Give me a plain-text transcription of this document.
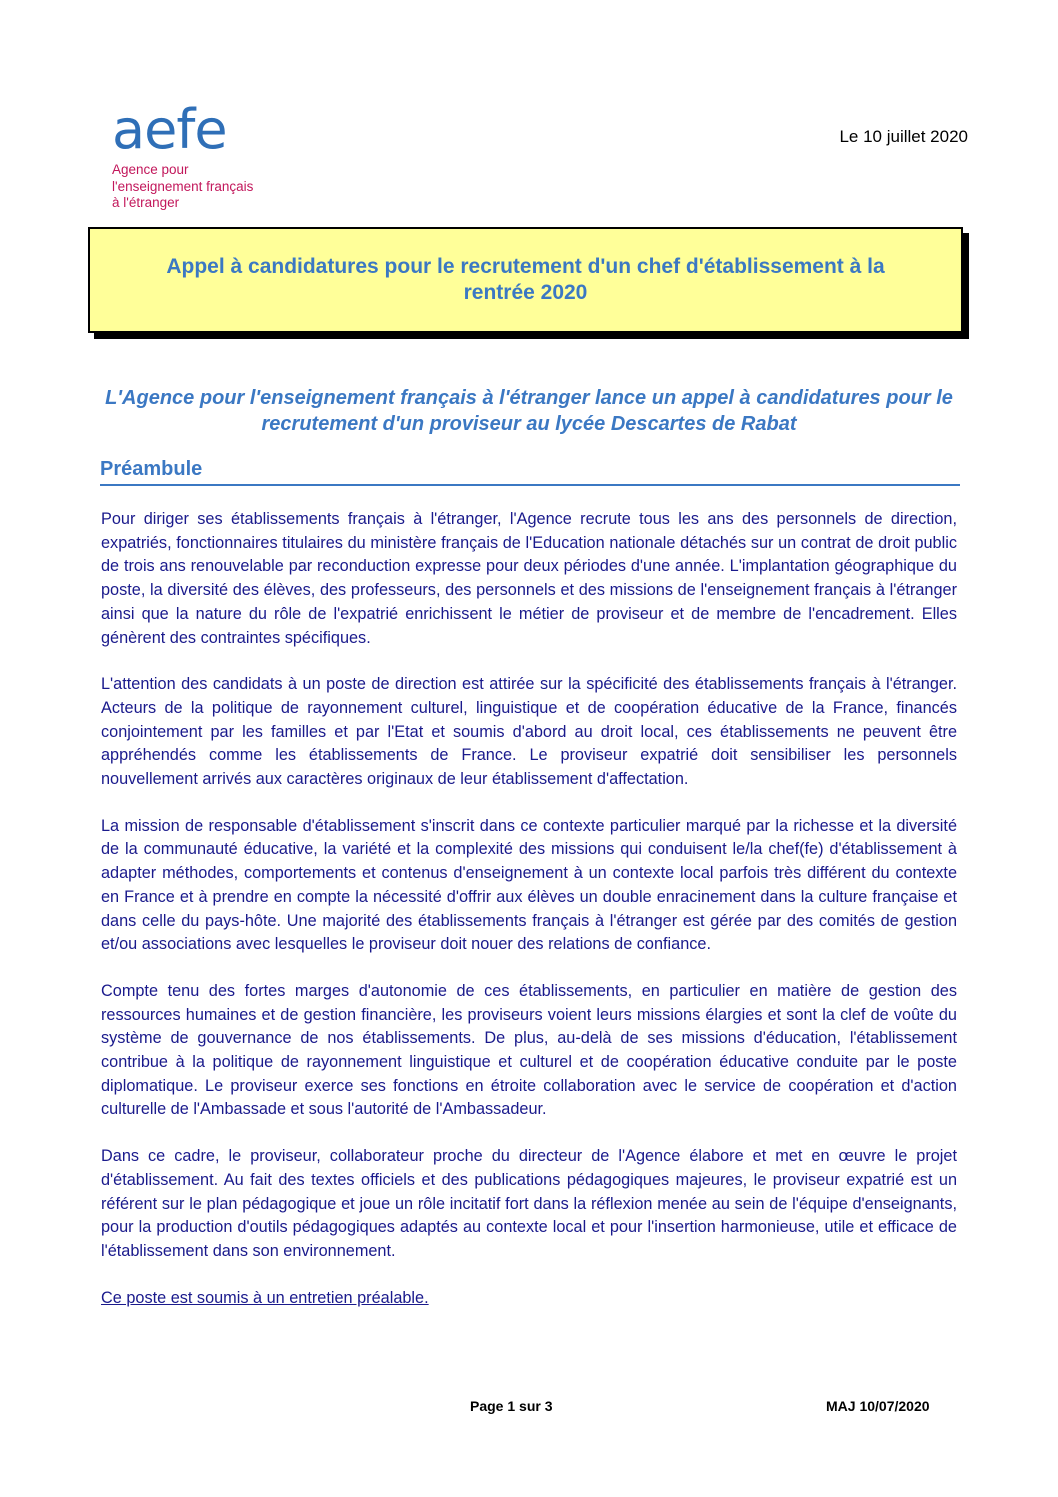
aefe
Agence pour
l'enseignement français
à l'étranger
Le 10 juillet 2020
Appel à candidatures pour le recrutement d'un chef d'établissement à la rentrée 2020
L'Agence pour l'enseignement français à l'étranger lance un appel à candidatures pour le recrutement d'un proviseur au lycée Descartes de Rabat
Préambule

Pour diriger ses établissements français à l'étranger, l'Agence recrute tous les ans des personnels de direction, expatriés, fonctionnaires titulaires du ministère français de l'Education nationale détachés sur un contrat de droit public de trois ans renouvelable par reconduction expresse pour deux périodes d'une année. L'implantation géographique du poste, la diversité des élèves, des professeurs, des personnels et des missions de l'enseignement français à l'étranger ainsi que la nature du rôle de l'expatrié enrichissent le métier de proviseur et de membre de l'encadrement. Elles génèrent des contraintes spécifiques.

L'attention des candidats à un poste de direction est attirée sur la spécificité des établissements français à l'étranger. Acteurs de la politique de rayonnement culturel, linguistique et de coopération éducative de la France, financés conjointement par les familles et par l'Etat et soumis d'abord au droit local, ces établissements ne peuvent être appréhendés comme les établissements de France. Le proviseur expatrié doit sensibiliser les personnels nouvellement arrivés aux caractères originaux de leur établissement d'affectation.

La mission de responsable d'établissement s'inscrit dans ce contexte particulier marqué par la richesse et la diversité de la communauté éducative, la variété et la complexité des missions qui conduisent le/la chef(fe) d'établissement à adapter méthodes, comportements et contenus d'enseignement à un contexte local parfois très différent du contexte en France et à prendre en compte la nécessité d'offrir aux élèves un double enracinement dans la culture française et dans celle du pays-hôte. Une majorité des établissements français à l'étranger est gérée par des comités de gestion et/ou associations avec lesquelles le proviseur doit nouer des relations de confiance.

Compte tenu des fortes marges d'autonomie de ces établissements, en particulier en matière de gestion des ressources humaines et de gestion financière, les proviseurs voient leurs missions élargies et sont la clef de voûte du système de gouvernance de nos établissements. De plus, au-delà de ses missions d'éducation, l'établissement contribue à la politique de rayonnement linguistique et culturel et de coopération éducative conduite par le poste diplomatique. Le proviseur exerce ses fonctions en étroite collaboration avec le service de coopération et d'action culturelle de l'Ambassade et sous l'autorité de l'Ambassadeur.

Dans ce cadre, le proviseur, collaborateur proche du directeur de l'Agence élabore et met en œuvre le projet d'établissement. Au fait des textes officiels et des publications pédagogiques majeures, le proviseur expatrié est un référent sur le plan pédagogique et joue un rôle incitatif fort dans la réflexion menée au sein de l'équipe d'enseignants, pour la production d'outils pédagogiques adaptés au contexte local et pour l'insertion harmonieuse, utile et efficace de l'établissement dans son environnement.

Ce poste est soumis à un entretien préalable.

Page 1 sur 3	MAJ 10/07/2020
